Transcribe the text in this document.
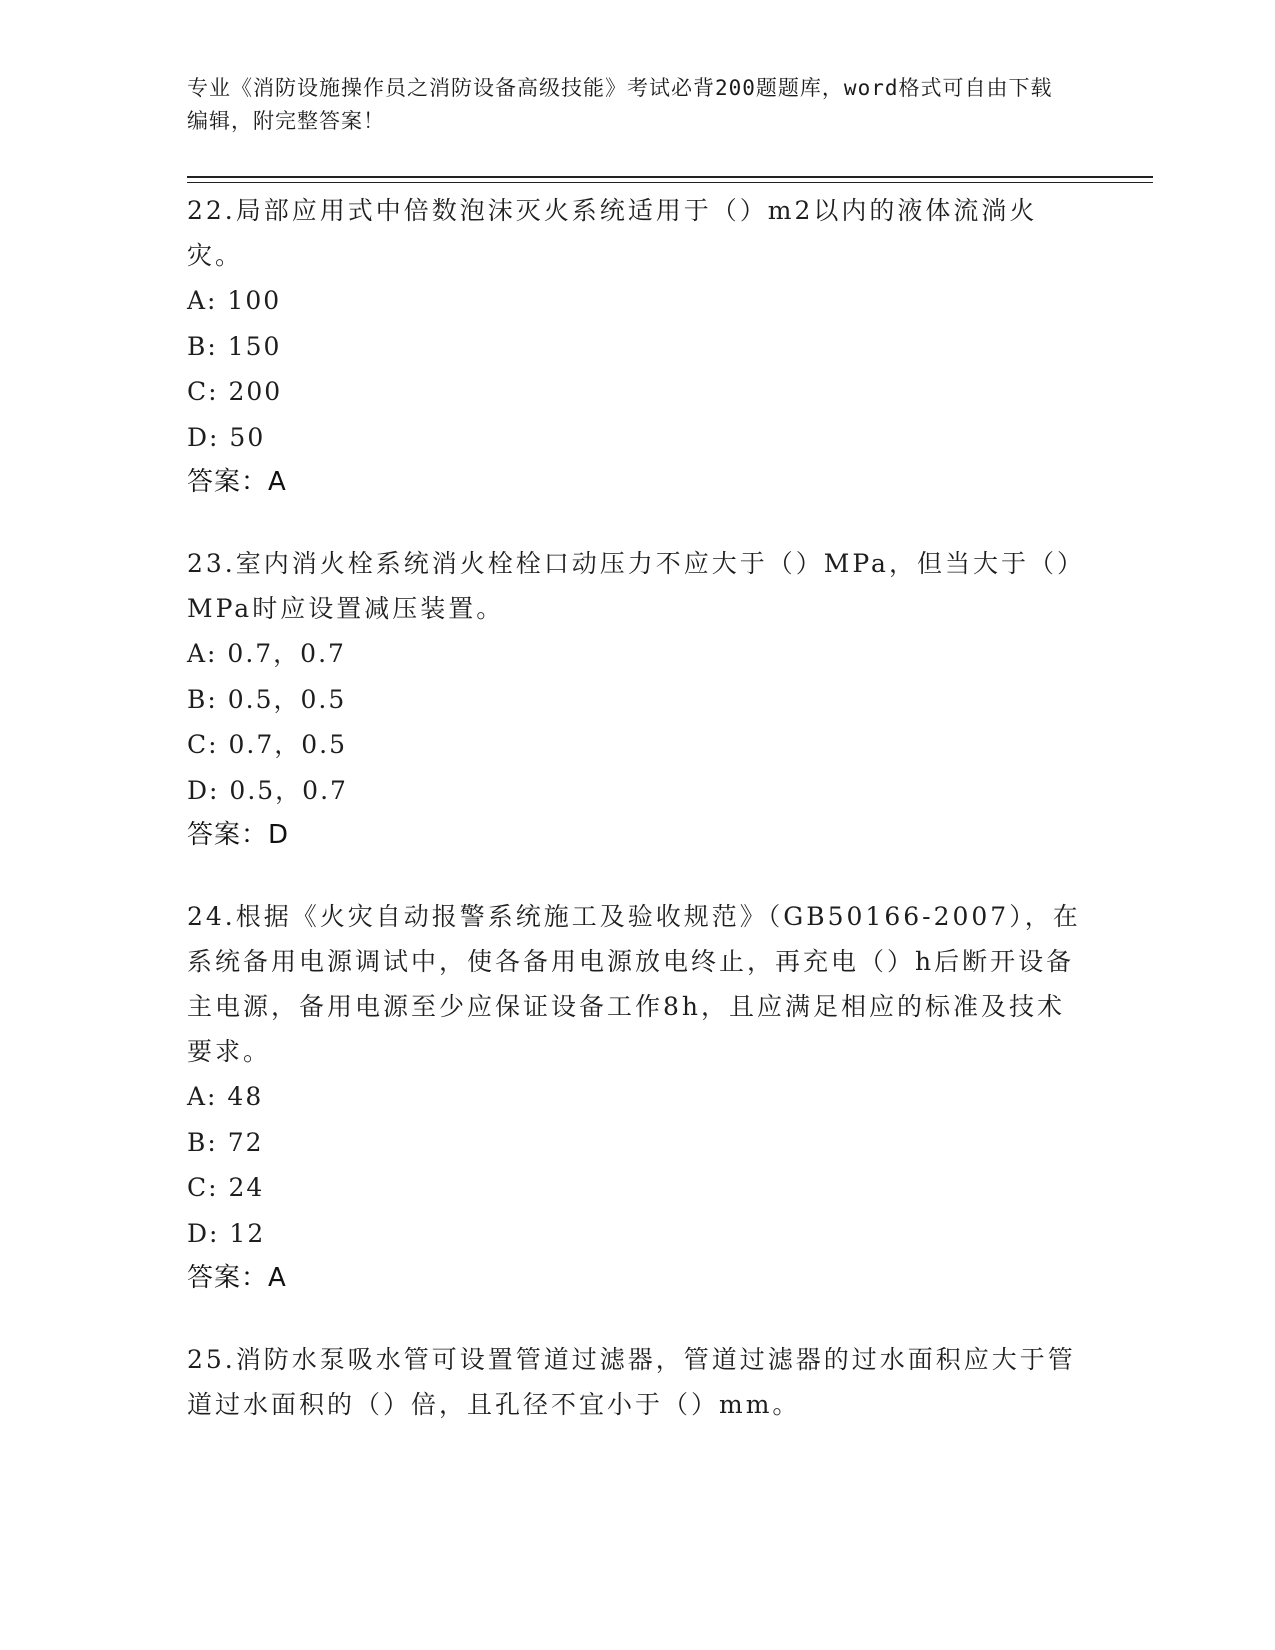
专业《消防设施操作员之消防设备高级技能》考试必背200题题库，word格式可自由下载编辑，附完整答案！

22.局部应用式中倍数泡沫灭火系统适用于（）m2以内的液体流淌火灾。

A: 100

B: 150

C: 200

D: 50

答案：A

23.室内消火栓系统消火栓栓口动压力不应大于（）MPa，但当大于（）MPa时应设置减压装置。

A: 0.7，0.7

B: 0.5，0.5

C: 0.7，0.5

D: 0.5，0.7

答案：D

24.根据《火灾自动报警系统施工及验收规范》（GB50166-2007），在系统备用电源调试中，使各备用电源放电终止，再充电（）h后断开设备主电源，备用电源至少应保证设备工作8h，且应满足相应的标准及技术要求。

A: 48

B: 72

C: 24

D: 12

答案：A

25.消防水泵吸水管可设置管道过滤器，管道过滤器的过水面积应大于管道过水面积的（）倍，且孔径不宜小于（）mm。
